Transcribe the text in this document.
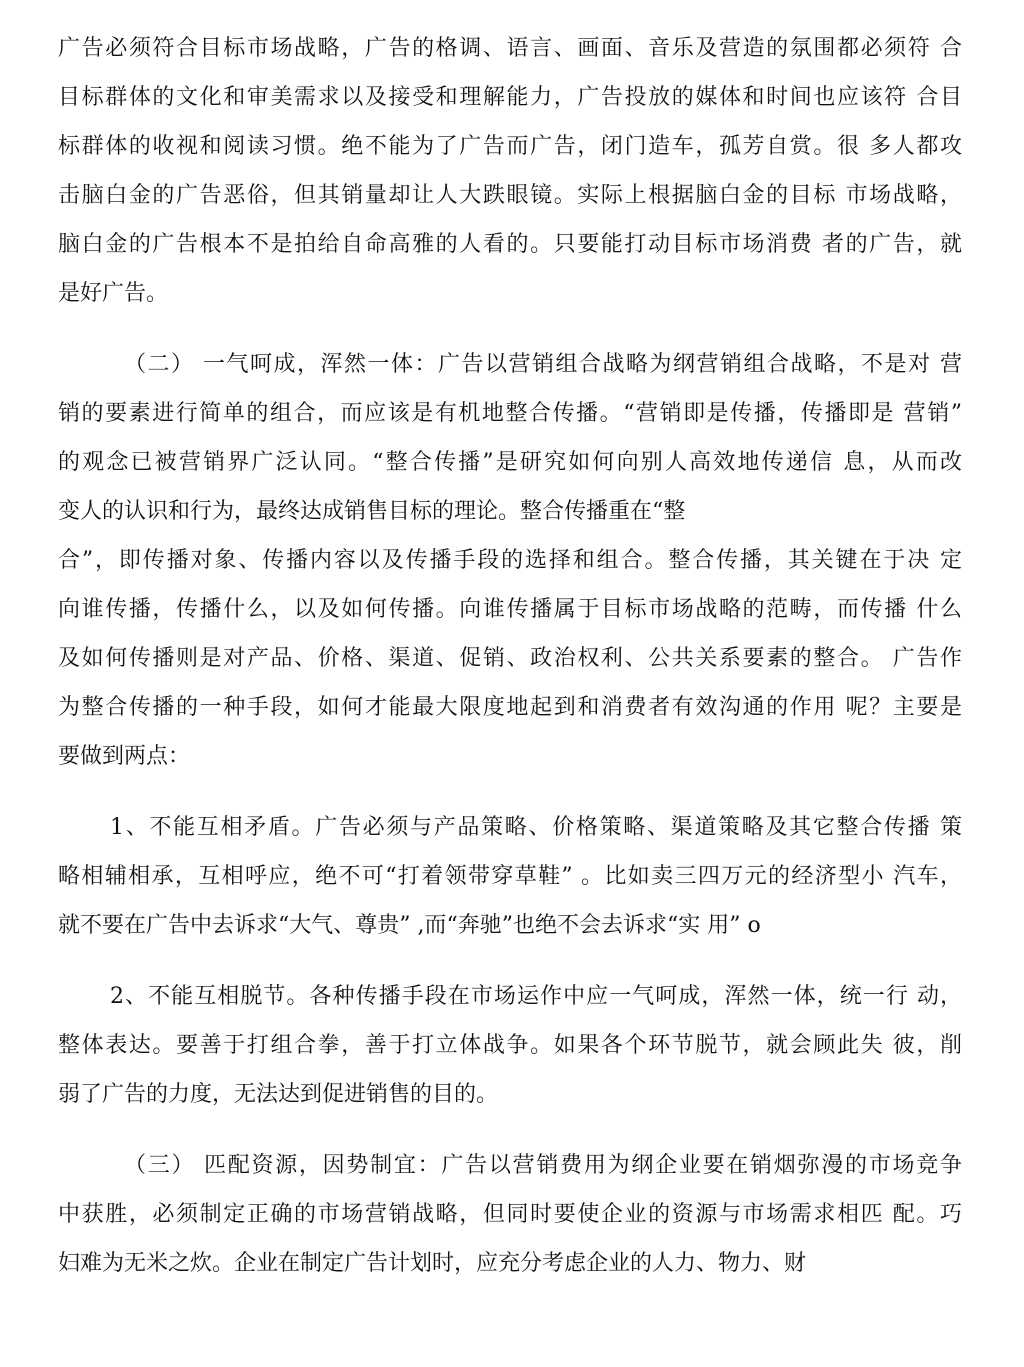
广告必须符合目标市场战略，广告的格调、语言、画面、音乐及营造的氛围都必须符 合
目标群体的文化和审美需求以及接受和理解能力，广告投放的媒体和时间也应该符 合目
标群体的收视和阅读习惯。绝不能为了广告而广告，闭门造车，孤芳自赏。很 多人都攻
击脑白金的广告恶俗，但其销量却让人大跌眼镜。实际上根据脑白金的目标 市场战略，
脑白金的广告根本不是拍给自命高雅的人看的。只要能打动目标市场消费 者的广告，就
是好广告。
（二） 一气呵成，浑然一体：广告以营销组合战略为纲营销组合战略，不是对 营
销的要素进行简单的组合，而应该是有机地整合传播。“营销即是传播，传播即是 营销”
的观念已被营销界广泛认同。“整合传播”是研究如何向别人高效地传递信 息，从而改
变人的认识和行为，最终达成销售目标的理论。整合传播重在“整
合”，即传播对象、传播内容以及传播手段的选择和组合。整合传播，其关键在于决 定
向谁传播，传播什么，以及如何传播。向谁传播属于目标市场战略的范畴，而传播 什么
及如何传播则是对产品、价格、渠道、促销、政治权利、公共关系要素的整合。 广告作
为整合传播的一种手段，如何才能最大限度地起到和消费者有效沟通的作用 呢？主要是
要做到两点：
1、不能互相矛盾。广告必须与产品策略、价格策略、渠道策略及其它整合传播 策
略相辅相承，互相呼应，绝不可“打着领带穿草鞋” 。比如卖三四万元的经济型小 汽车，
就不要在广告中去诉求“大气、尊贵” ,而“奔驰”也绝不会去诉求“实 用” o
2、不能互相脱节。各种传播手段在市场运作中应一气呵成，浑然一体，统一行 动，
整体表达。要善于打组合拳，善于打立体战争。如果各个环节脱节，就会顾此失 彼，削
弱了广告的力度，无法达到促进销售的目的。
（三） 匹配资源，因势制宜：广告以营销费用为纲企业要在销烟弥漫的市场竞争
中获胜，必须制定正确的市场营销战略，但同时要使企业的资源与市场需求相匹 配。巧
妇难为无米之炊。企业在制定广告计划时，应充分考虑企业的人力、物力、财
